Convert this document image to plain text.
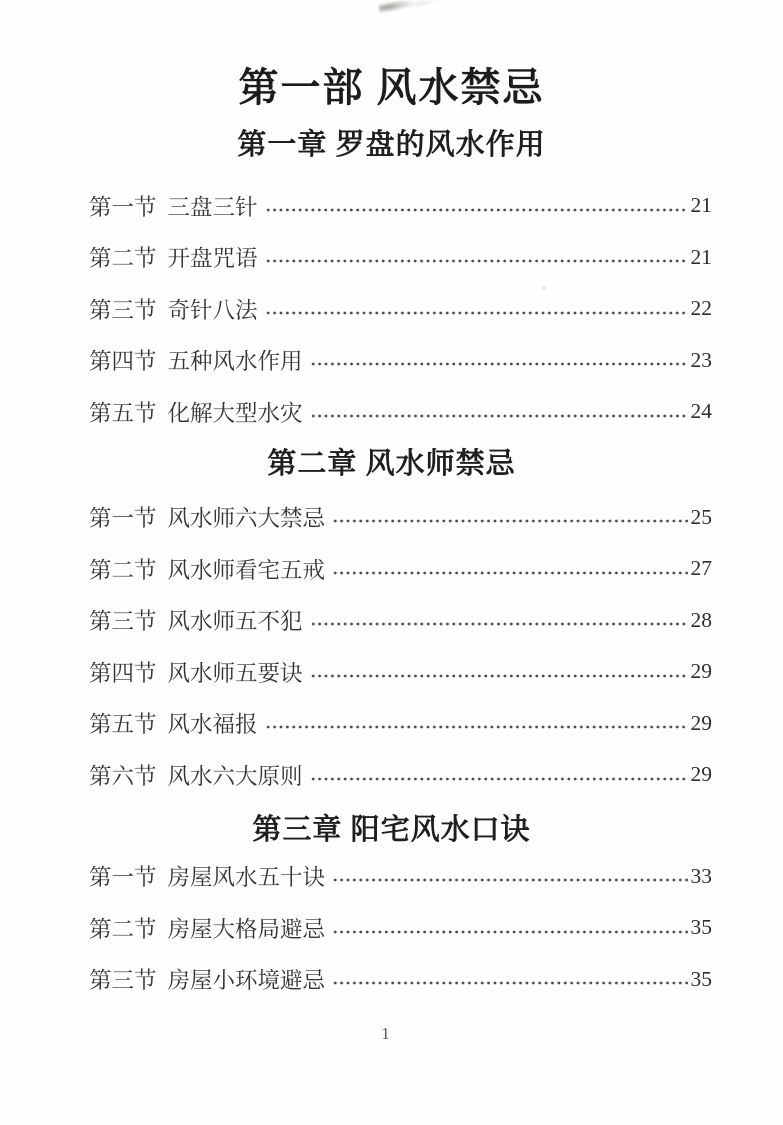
第一部 风水禁忌
第一章 罗盘的风水作用
第一节 三盘三针	21
第二节 开盘咒语	21
第三节 奇针八法	22
第四节 五种风水作用	23
第五节 化解大型水灾	24
第二章 风水师禁忌
第一节 风水师六大禁忌	25
第二节 风水师看宅五戒	27
第三节 风水师五不犯	28
第四节 风水师五要诀	29
第五节 风水福报	29
第六节 风水六大原则	29
第三章 阳宅风水口诀
第一节 房屋风水五十诀	33
第二节 房屋大格局避忌	35
第三节 房屋小环境避忌	35
1
